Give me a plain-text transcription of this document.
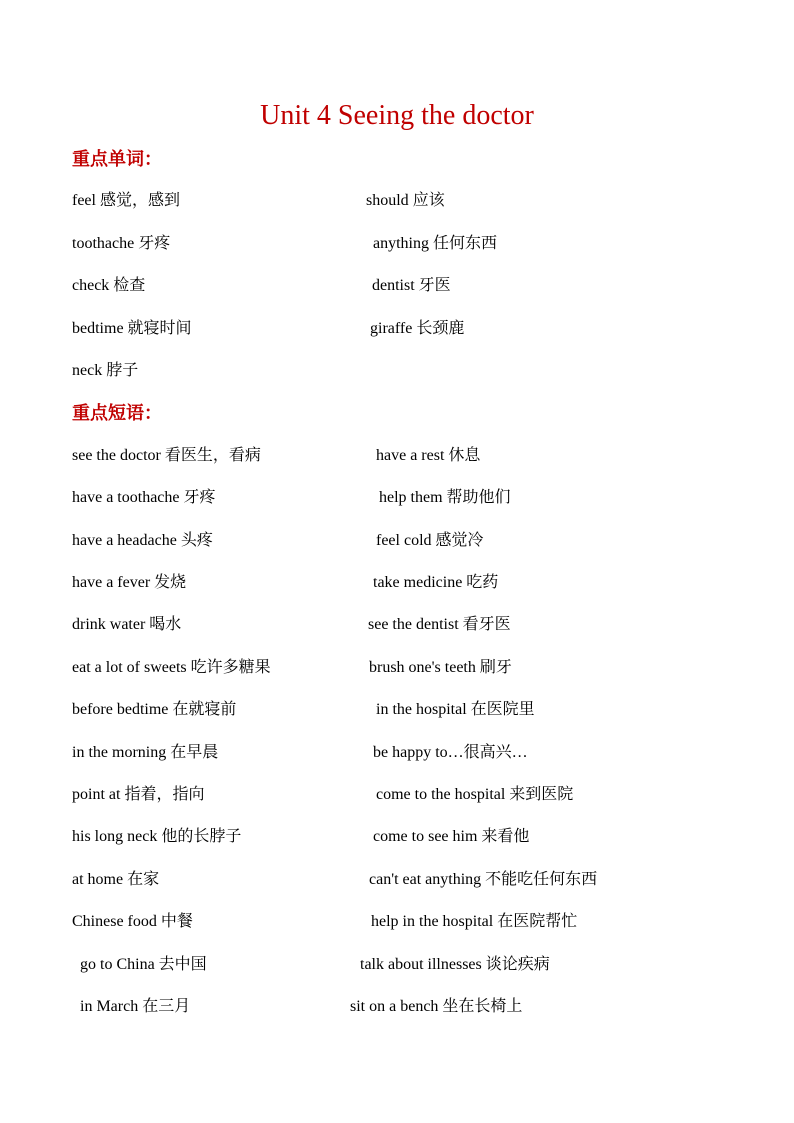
Unit 4 Seeing the doctor
重点单词：
feel 感觉，感到	should 应该
toothache 牙疼	anything 任何东西
check 检查	dentist 牙医
bedtime 就寝时间	giraffe 长颈鹿
neck 脖子
重点短语：
see the doctor 看医生，看病	have a rest 休息
have a toothache 牙疼	help them 帮助他们
have a headache 头疼	feel cold 感觉冷
have a fever 发烧	take medicine 吃药
drink water 喝水	see the dentist 看牙医
eat a lot of sweets 吃许多糖果	brush one's teeth 刷牙
before bedtime 在就寝前	in the hospital 在医院里
in the morning 在早晨	be happy to…很高兴…
point at 指着，指向	come to the hospital 来到医院
his long neck 他的长脖子	come to see him 来看他
at home 在家	can't eat anything 不能吃任何东西
Chinese food 中餐	help in the hospital 在医院帮忙
go to China 去中国	talk about illnesses 谈论疾病
in March 在三月	sit on a bench 坐在长椅上
